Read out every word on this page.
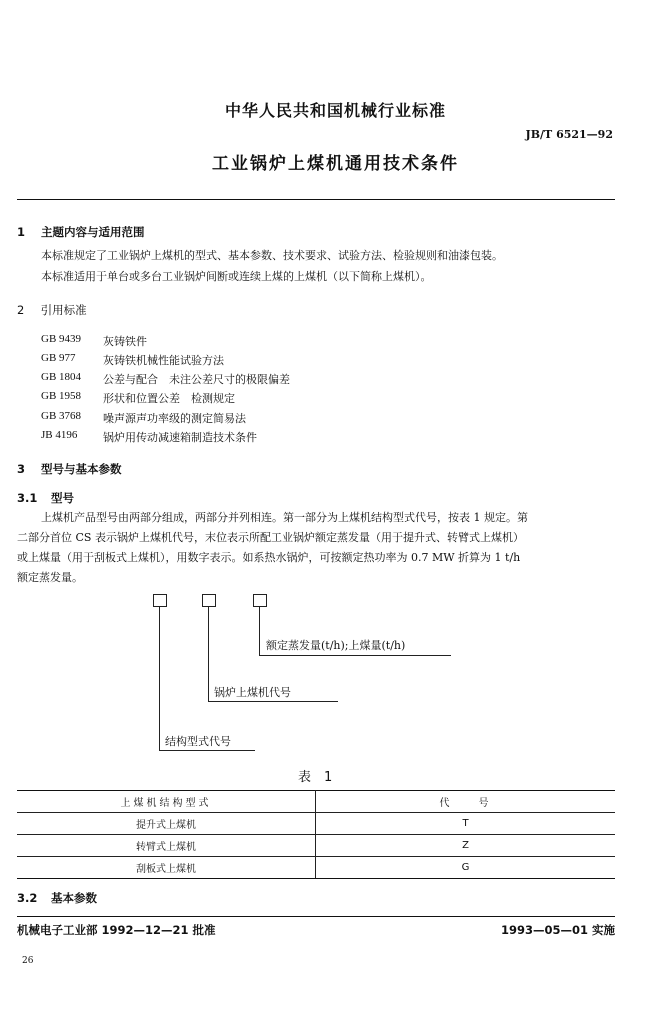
中华人民共和国机械行业标准
JB/T 6521—92
工业锅炉上煤机通用技术条件
1 主题内容与适用范围
本标准规定了工业锅炉上煤机的型式、基本参数、技术要求、试验方法、检验规则和油漆包装。
本标准适用于单台或多台工业锅炉间断或连续上煤的上煤机（以下简称上煤机）。
2 引用标准
GB 9439 灰铸铁件
GB 977 灰铸铁机械性能试验方法
GB 1804 公差与配合　未注公差尺寸的极限偏差
GB 1958 形状和位置公差　检测规定
GB 3768 噪声源声功率级的测定简易法
JB 4196 锅炉用传动减速箱制造技术条件
3 型号与基本参数
3.1 型号
上煤机产品型号由两部分组成，两部分并列相连。第一部分为上煤机结构型式代号，按表 1 规定。第
二部分首位 CS 表示锅炉上煤机代号，末位表示所配工业锅炉额定蒸发量（用于提升式、转臂式上煤机）
或上煤量（用于刮板式上煤机），用数字表示。如系热水锅炉，可按额定热功率为 0.7 MW 折算为 1 t/h
额定蒸发量。
额定蒸发量(t/h);上煤量(t/h)
锅炉上煤机代号
结构型式代号
表　1
上煤机结构型式	代　　号
提升式上煤机	T
转臂式上煤机	Z
刮板式上煤机	G
3.2 基本参数
机械电子工业部 1992—12—21 批准	1993—05—01 实施
26
